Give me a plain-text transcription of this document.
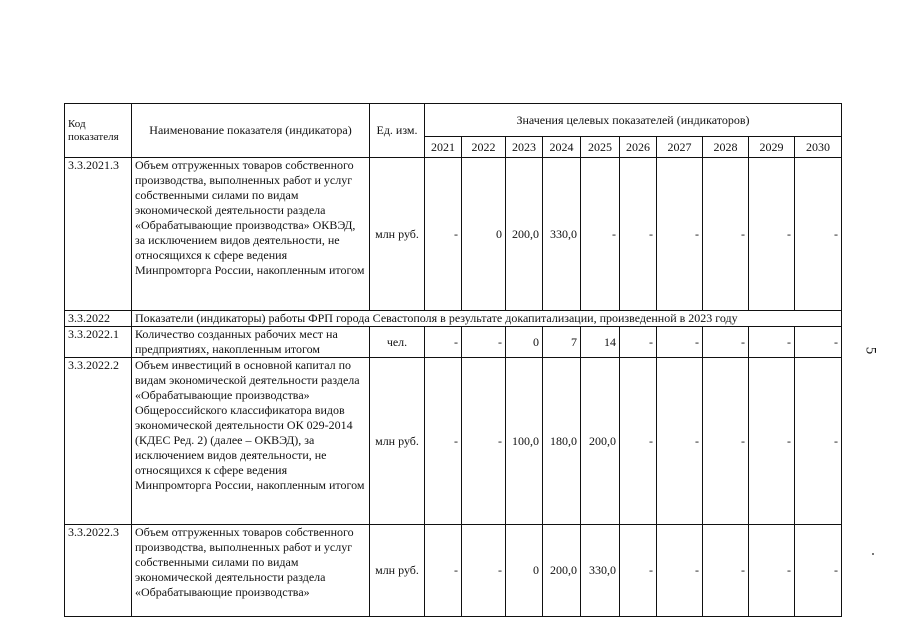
Код показателя	Наименование показателя (индикатора)	Ед. изм.	Значения целевых показателей (индикаторов)									
			2021	2022	2023	2024	2025	2026	2027	2028	2029	2030
3.3.2021.3	Объем отгруженных товаров собственного производства, выполненных работ и услуг собственными силами по видам экономической деятельности раздела «Обрабатывающие производства» ОКВЭД, за исключением видов деятельности, не относящихся к сфере ведения Минпромторга России, накопленным итогом	млн руб.	-	0	200,0	330,0	-	-	-	-	-	-
3.3.2022	Показатели (индикаторы) работы ФРП города Севастополя в результате докапитализации, произведенной в 2023 году											
3.3.2022.1	Количество созданных рабочих мест на предприятиях, накопленным итогом	чел.	-	-	0	7	14	-	-	-	-	-
3.3.2022.2	Объем инвестиций в основной капитал по видам экономической деятельности раздела «Обрабатывающие производства» Общероссийского классификатора видов экономической деятельности ОК 029-2014 (КДЕС Ред. 2) (далее – ОКВЭД), за исключением видов деятельности, не относящихся к сфере ведения Минпромторга России, накопленным итогом	млн руб.	-	-	100,0	180,0	200,0	-	-	-	-	-
3.3.2022.3	Объем отгруженных товаров собственного производства, выполненных работ и услуг собственными силами по видам экономической деятельности раздела «Обрабатывающие производства»	млн руб.	-	-	0	200,0	330,0	-	-	-	-	-
5
